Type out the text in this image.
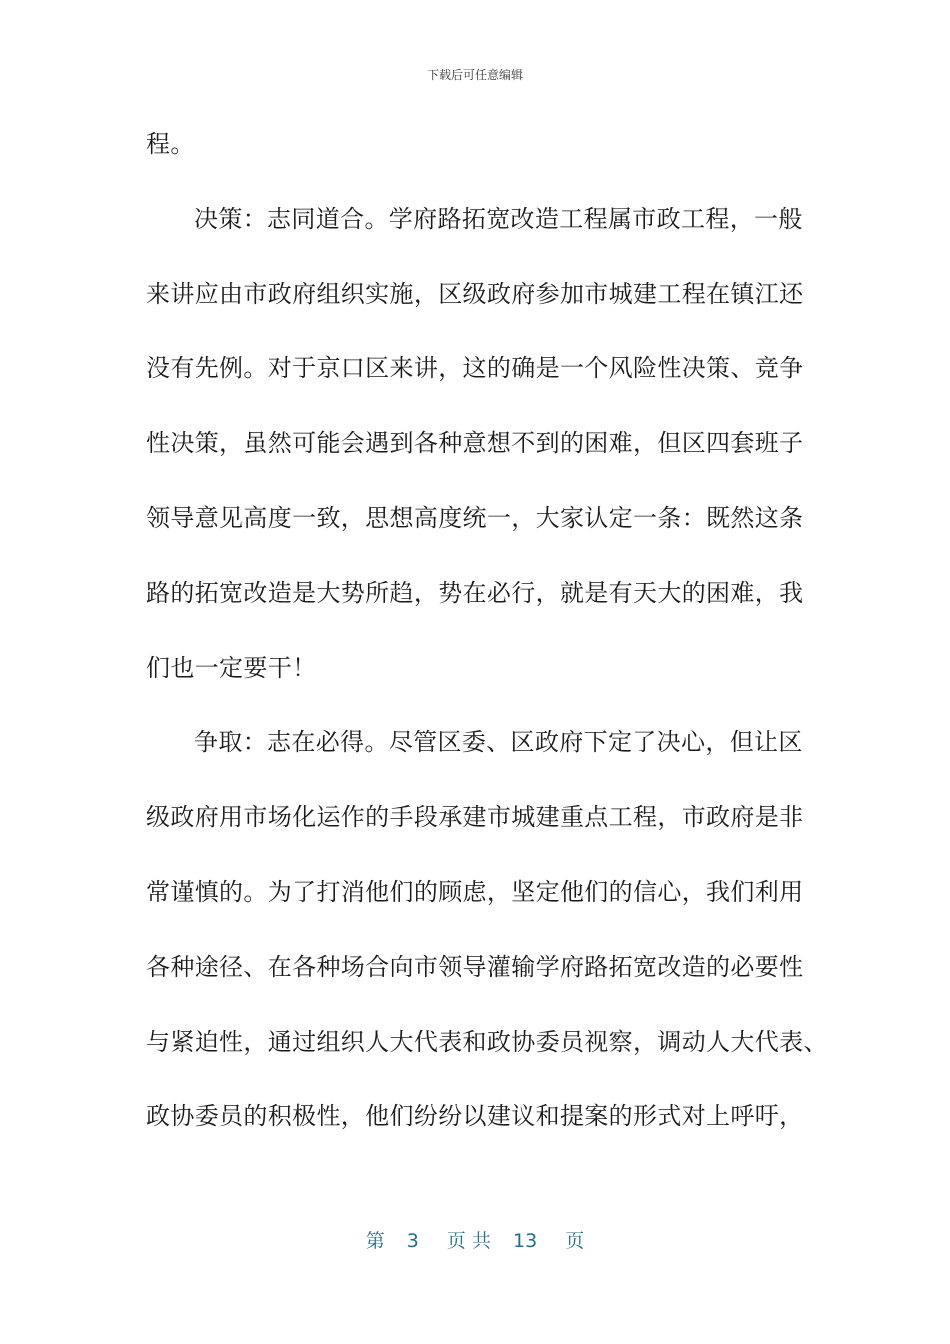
下载后可任意编辑
程。
决策：志同道合。学府路拓宽改造工程属市政工程，一般
来讲应由市政府组织实施，区级政府参加市城建工程在镇江还
没有先例。对于京口区来讲，这的确是一个风险性决策、竞争
性决策，虽然可能会遇到各种意想不到的困难，但区四套班子
领导意见高度一致，思想高度统一，大家认定一条：既然这条
路的拓宽改造是大势所趋，势在必行，就是有天大的困难，我
们也一定要干！
争取：志在必得。尽管区委、区政府下定了决心，但让区
级政府用市场化运作的手段承建市城建重点工程，市政府是非
常谨慎的。为了打消他们的顾虑，坚定他们的信心，我们利用
各种途径、在各种场合向市领导灌输学府路拓宽改造的必要性
与紧迫性，通过组织人大代表和政协委员视察，调动人大代表、
政协委员的积极性，他们纷纷以建议和提案的形式对上呼吁，
第 3 页 共 13 页
